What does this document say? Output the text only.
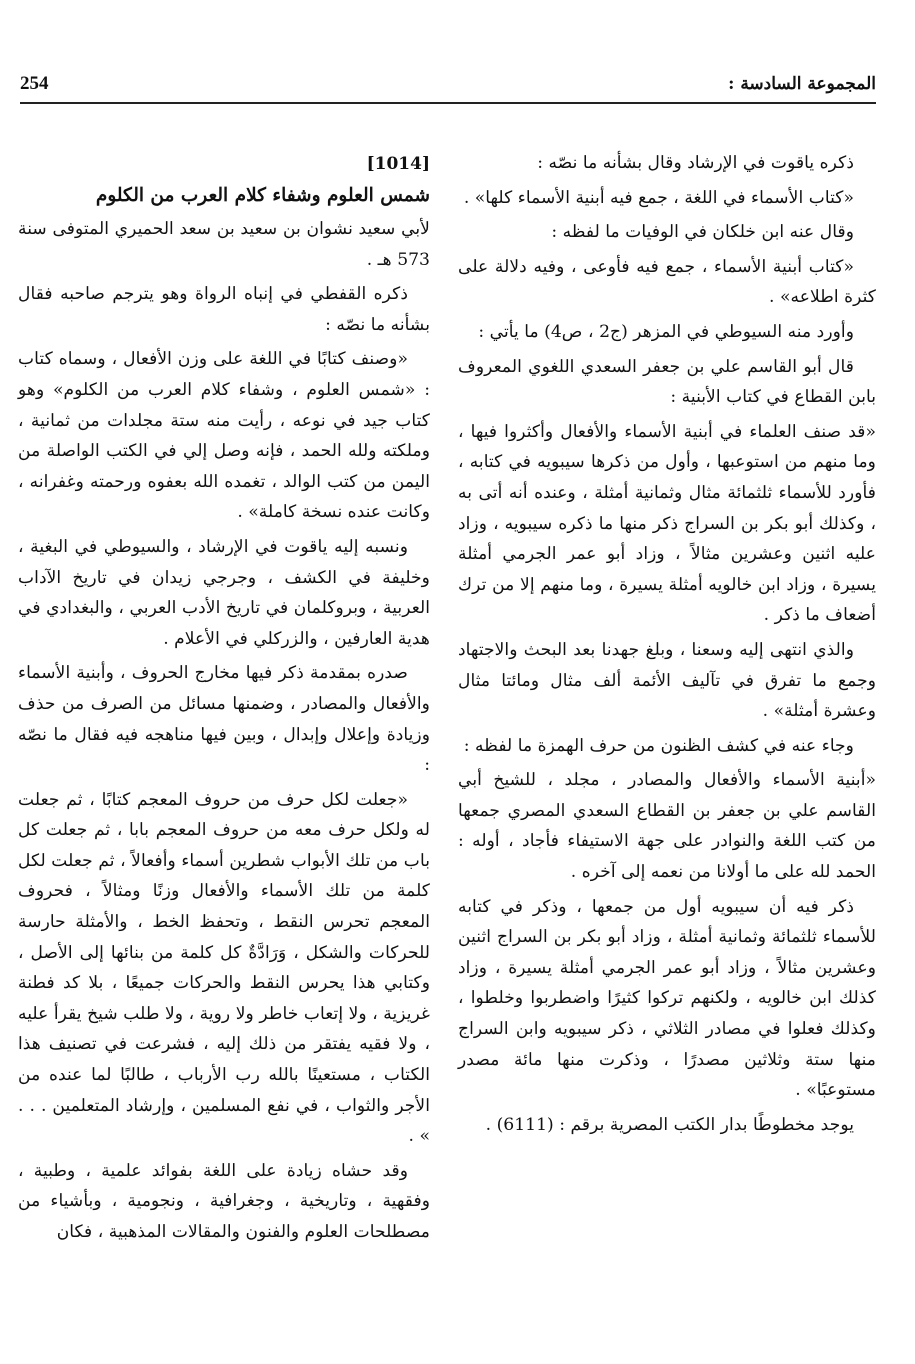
254	المجموعة السادسة :

ذكره ياقوت في الإرشاد وقال بشأنه ما نصّه :

«كتاب الأسماء في اللغة ، جمع فيه أبنية الأسماء كلها» .

وقال عنه ابن خلكان في الوفيات ما لفظه :

«كتاب أبنية الأسماء ، جمع فيه فأوعى ، وفيه دلالة على كثرة اطلاعه» .

وأورد منه السيوطي في المزهر (ج2 ، ص4) ما يأتي :

قال أبو القاسم علي بن جعفر السعدي اللغوي المعروف بابن القطاع في كتاب الأبنية :

«قد صنف العلماء في أبنية الأسماء والأفعال وأكثروا فيها ، وما منهم من استوعبها ، وأول من ذكرها سيبويه في كتابه ، فأورد للأسماء ثلثمائة مثال وثمانية أمثلة ، وعنده أنه أتى به ، وكذلك أبو بكر بن السراج ذكر منها ما ذكره سيبويه ، وزاد عليه اثنين وعشرين مثالاً ، وزاد أبو عمر الجرمي أمثلة يسيرة ، وزاد ابن خالويه أمثلة يسيرة ، وما منهم إلا من ترك أضعاف ما ذكر .

والذي انتهى إليه وسعنا ، وبلغ جهدنا بعد البحث والاجتهاد وجمع ما تفرق في تآليف الأئمة ألف مثال ومائتا مثال وعشرة أمثلة» .

وجاء عنه في كشف الظنون من حرف الهمزة ما لفظه :

«أبنية الأسماء والأفعال والمصادر ، مجلد ، للشيخ أبي القاسم علي بن جعفر بن القطاع السعدي المصري جمعها من كتب اللغة والنوادر على جهة الاستيفاء فأجاد ، أوله : الحمد لله على ما أولانا من نعمه إلى آخره .

ذكر فيه أن سيبويه أول من جمعها ، وذكر في كتابه للأسماء ثلثمائة وثمانية أمثلة ، وزاد أبو بكر بن السراج اثنين وعشرين مثالاً ، وزاد أبو عمر الجرمي أمثلة يسيرة ، وزاد كذلك ابن خالويه ، ولكنهم تركوا كثيرًا واضطربوا وخلطوا ، وكذلك فعلوا في مصادر الثلاثي ، ذكر سيبويه وابن السراج منها ستة وثلاثين مصدرًا ، وذكرت منها مائة مصدر مستوعبًا» .

يوجد مخطوطًا بدار الكتب المصرية برقم : (6111) .

[1014]

شمس العلوم وشفاء كلام العرب من الكلوم

لأبي سعيد نشوان بن سعيد بن سعد الحميري المتوفى سنة 573 هـ .

ذكره القفطي في إنباه الرواة وهو يترجم صاحبه فقال بشأنه ما نصّه :

«وصنف كتابًا في اللغة على وزن الأفعال ، وسماه كتاب : «شمس العلوم ، وشفاء كلام العرب من الكلوم» وهو كتاب جيد في نوعه ، رأيت منه ستة مجلدات من ثمانية ، وملكته ولله الحمد ، فإنه وصل إلي في الكتب الواصلة من اليمن من كتب الوالد ، تغمده الله بعفوه ورحمته وغفرانه ، وكانت عنده نسخة كاملة» .

ونسبه إليه ياقوت في الإرشاد ، والسيوطي في البغية ، وخليفة في الكشف ، وجرجي زيدان في تاريخ الآداب العربية ، وبروكلمان في تاريخ الأدب العربي ، والبغدادي في هدية العارفين ، والزركلي في الأعلام .

صدره بمقدمة ذكر فيها مخارج الحروف ، وأبنية الأسماء والأفعال والمصادر ، وضمنها مسائل من الصرف من حذف وزيادة وإعلال وإبدال ، وبين فيها مناهجه فيه فقال ما نصّه :

«جعلت لكل حرف من حروف المعجم كتابًا ، ثم جعلت له ولكل حرف معه من حروف المعجم بابا ، ثم جعلت كل باب من تلك الأبواب شطرين أسماء وأفعالاً ، ثم جعلت لكل كلمة من تلك الأسماء والأفعال وزنًا ومثالاً ، فحروف المعجم تحرس النقط ، وتحفظ الخط ، والأمثلة حارسة للحركات والشكل ، وَرَادَّةٌ كل كلمة من بنائها إلى الأصل ، وكتابي هذا يحرس النقط والحركات جميعًا ، بلا كد فطنة غريزية ، ولا إتعاب خاطر ولا روية ، ولا طلب شيخ يقرأ عليه ، ولا فقيه يفتقر من ذلك إليه ، فشرعت في تصنيف هذا الكتاب ، مستعينًا بالله رب الأرباب ، طالبًا لما عنده من الأجر والثواب ، في نفع المسلمين ، وإرشاد المتعلمين . . . » .

وقد حشاه زيادة على اللغة بفوائد علمية ، وطبية ، وفقهية ، وتاريخية ، وجغرافية ، ونجومية ، وبأشياء من مصطلحات العلوم والفنون والمقالات المذهبية ، فكان
